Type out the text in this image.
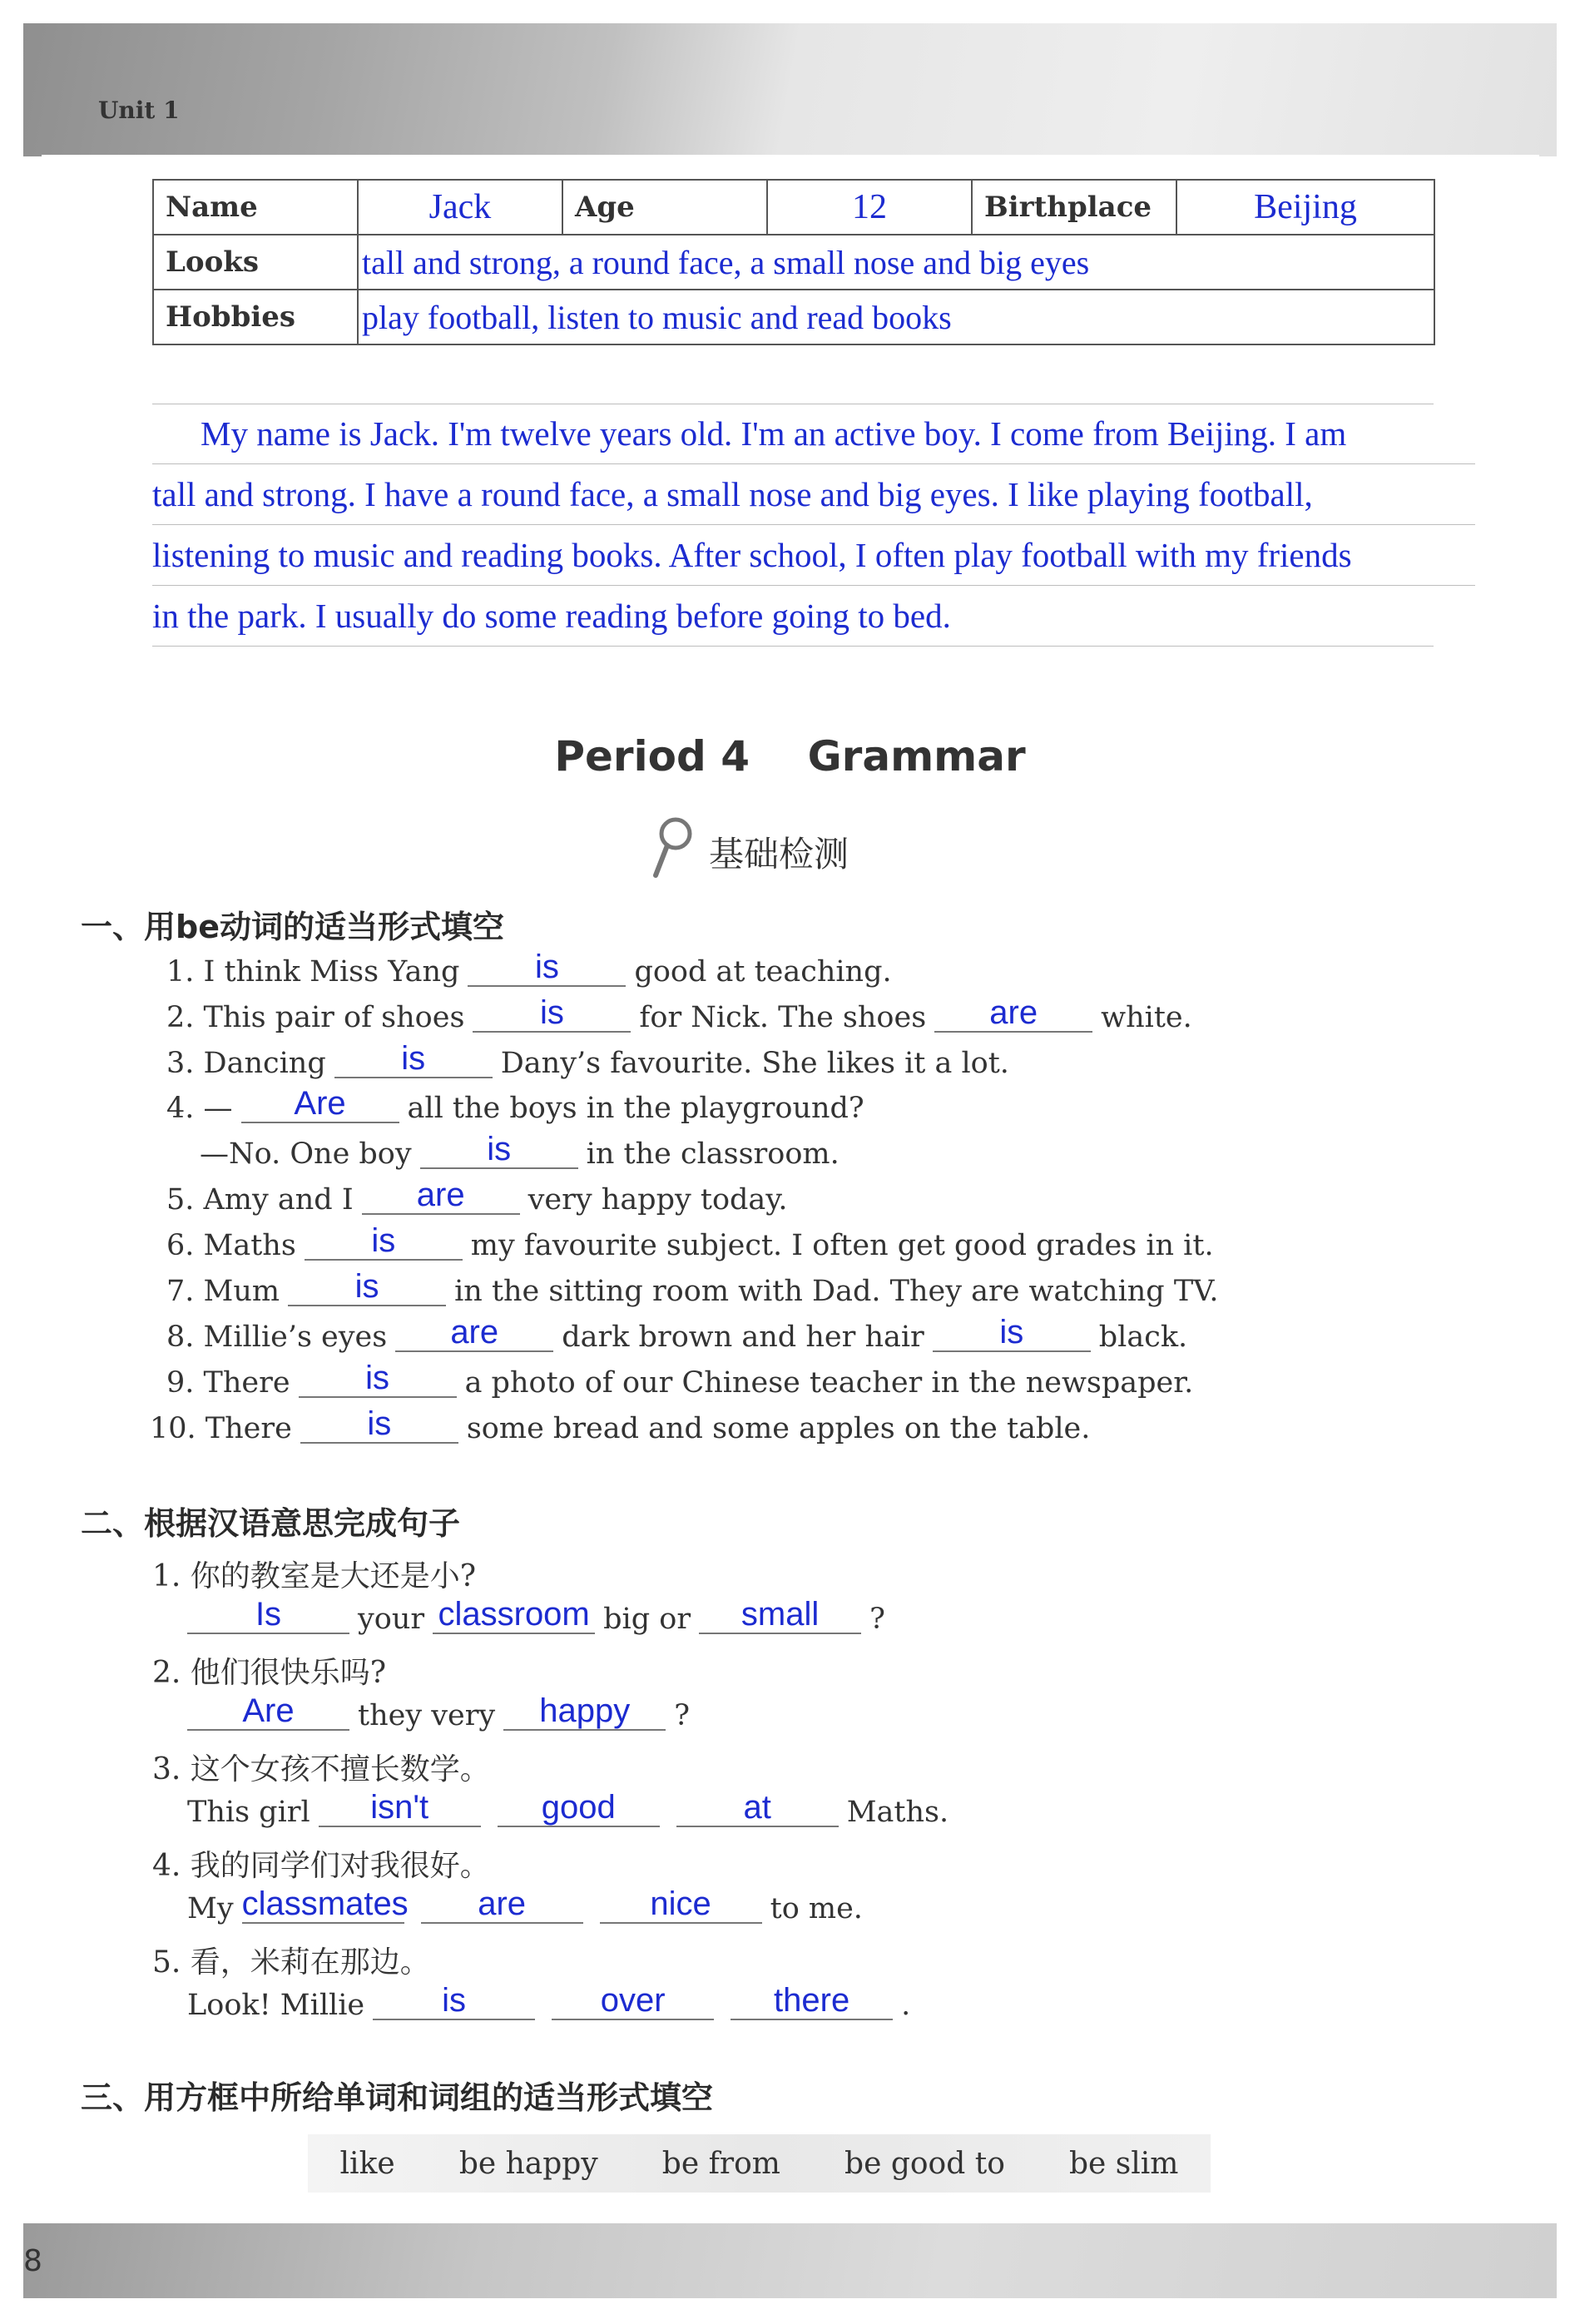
Unit 1
Name	Jack	Age	12	Birthplace	Beijing
Looks	tall and strong, a round face, a small nose and big eyes				
Hobbies	play football, listen to music and read books				
My name is Jack. I'm twelve years old. I'm an active boy. I come from Beijing. I am
tall and strong. I have a round face, a small nose and big eyes. I like playing football,
listening to music and reading books. After school, I often play football with my friends
in the park. I usually do some reading before going to bed.
Period 4    Grammar
基础检测
一、用be动词的适当形式填空
1. I think Miss Yang	is	good at teaching.
2. This pair of shoes	is	for Nick. The shoes	are	white.
3. Dancing	is	Dany’s favourite. She likes it a lot.
4. —	Are	all the boys in the playground?
—No. One boy	is	in the classroom.
5. Amy and I	are	very happy today.
6. Maths	is	my favourite subject. I often get good grades in it.
7. Mum	is	in the sitting room with Dad. They are watching TV.
8. Millie’s eyes	are	dark brown and her hair	is	black.
9. There	is	a photo of our Chinese teacher in the newspaper.
10. There	is	some bread and some apples on the table.
二、根据汉语意思完成句子
1. 你的教室是大还是小?
Is	your classroom big or	small	?
2. 他们很快乐吗?
Are	they very	happy	?
3. 这个女孩不擅长数学。
This girl	isn't	good	at	Maths.
4. 我的同学们对我很好。
My classmates	are	nice	to me.
5. 看，米莉在那边。
Look! Millie	is	over	there	.
三、用方框中所给单词和词组的适当形式填空
like be happy be from be good to be slim
8
